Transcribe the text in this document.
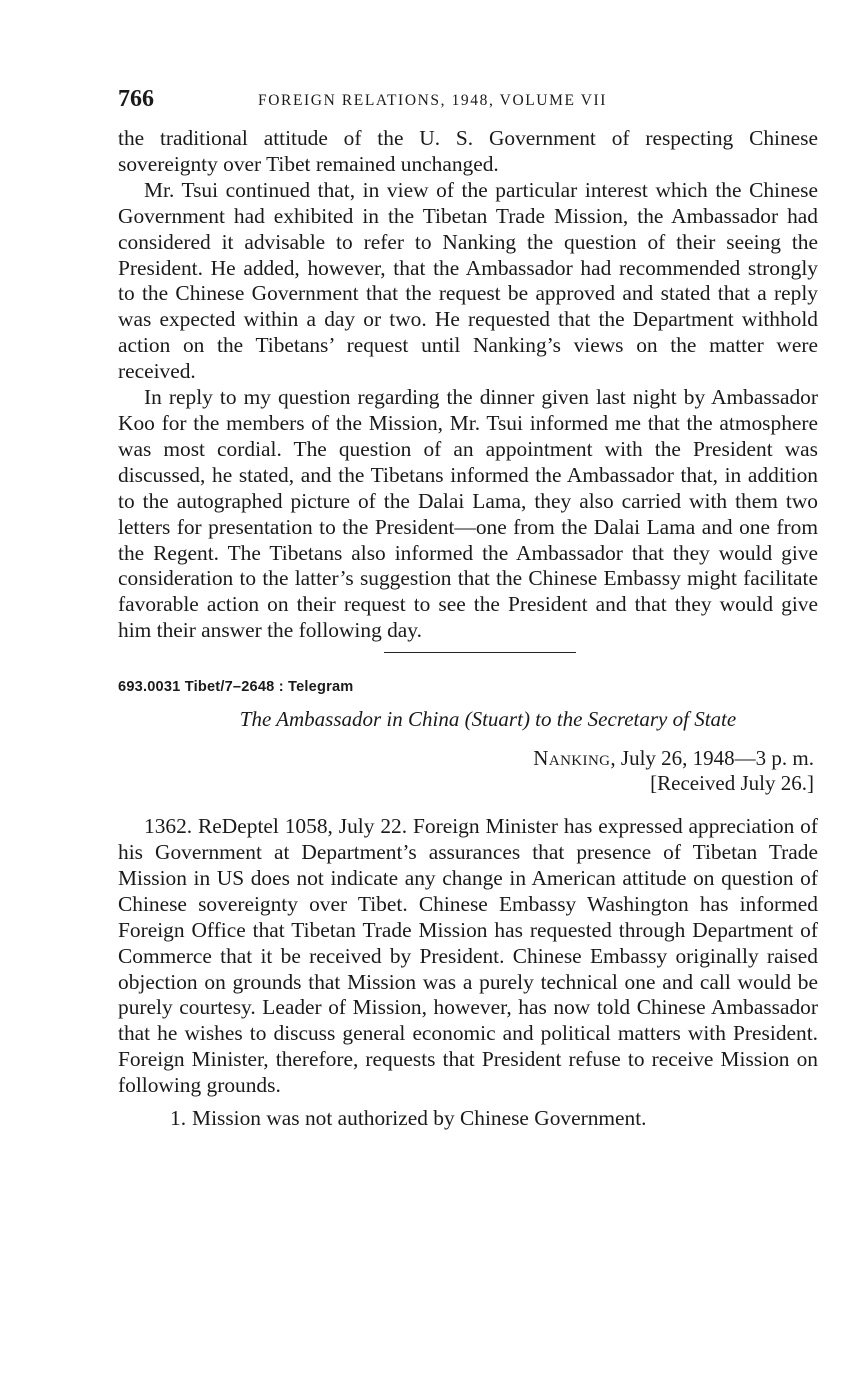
766	FOREIGN RELATIONS, 1948, VOLUME VII

the traditional attitude of the U. S. Government of respecting Chinese sovereignty over Tibet remained unchanged.

Mr. Tsui continued that, in view of the particular interest which the Chinese Government had exhibited in the Tibetan Trade Mission, the Ambassador had considered it advisable to refer to Nanking the question of their seeing the President. He added, however, that the Ambassador had recommended strongly to the Chinese Government that the request be approved and stated that a reply was expected within a day or two. He requested that the Department withhold action on the Tibetans’ request until Nanking’s views on the matter were received.

In reply to my question regarding the dinner given last night by Ambassador Koo for the members of the Mission, Mr. Tsui informed me that the atmosphere was most cordial. The question of an appointment with the President was discussed, he stated, and the Tibetans informed the Ambassador that, in addition to the autographed picture of the Dalai Lama, they also carried with them two letters for presentation to the President—one from the Dalai Lama and one from the Regent. The Tibetans also informed the Ambassador that they would give consideration to the latter’s suggestion that the Chinese Embassy might facilitate favorable action on their request to see the President and that they would give him their answer the following day.

693.0031 Tibet/7–2648 : Telegram
The Ambassador in China (Stuart) to the Secretary of State
Nanking, July 26, 1948—3 p. m.
[Received July 26.]

1362. ReDeptel 1058, July 22. Foreign Minister has expressed appreciation of his Government at Department’s assurances that presence of Tibetan Trade Mission in US does not indicate any change in American attitude on question of Chinese sovereignty over Tibet. Chinese Embassy Washington has informed Foreign Office that Tibetan Trade Mission has requested through Department of Commerce that it be received by President. Chinese Embassy originally raised objection on grounds that Mission was a purely technical one and call would be purely courtesy. Leader of Mission, however, has now told Chinese Ambassador that he wishes to discuss general economic and political matters with President. Foreign Minister, therefore, requests that President refuse to receive Mission on following grounds.

1. Mission was not authorized by Chinese Government.
